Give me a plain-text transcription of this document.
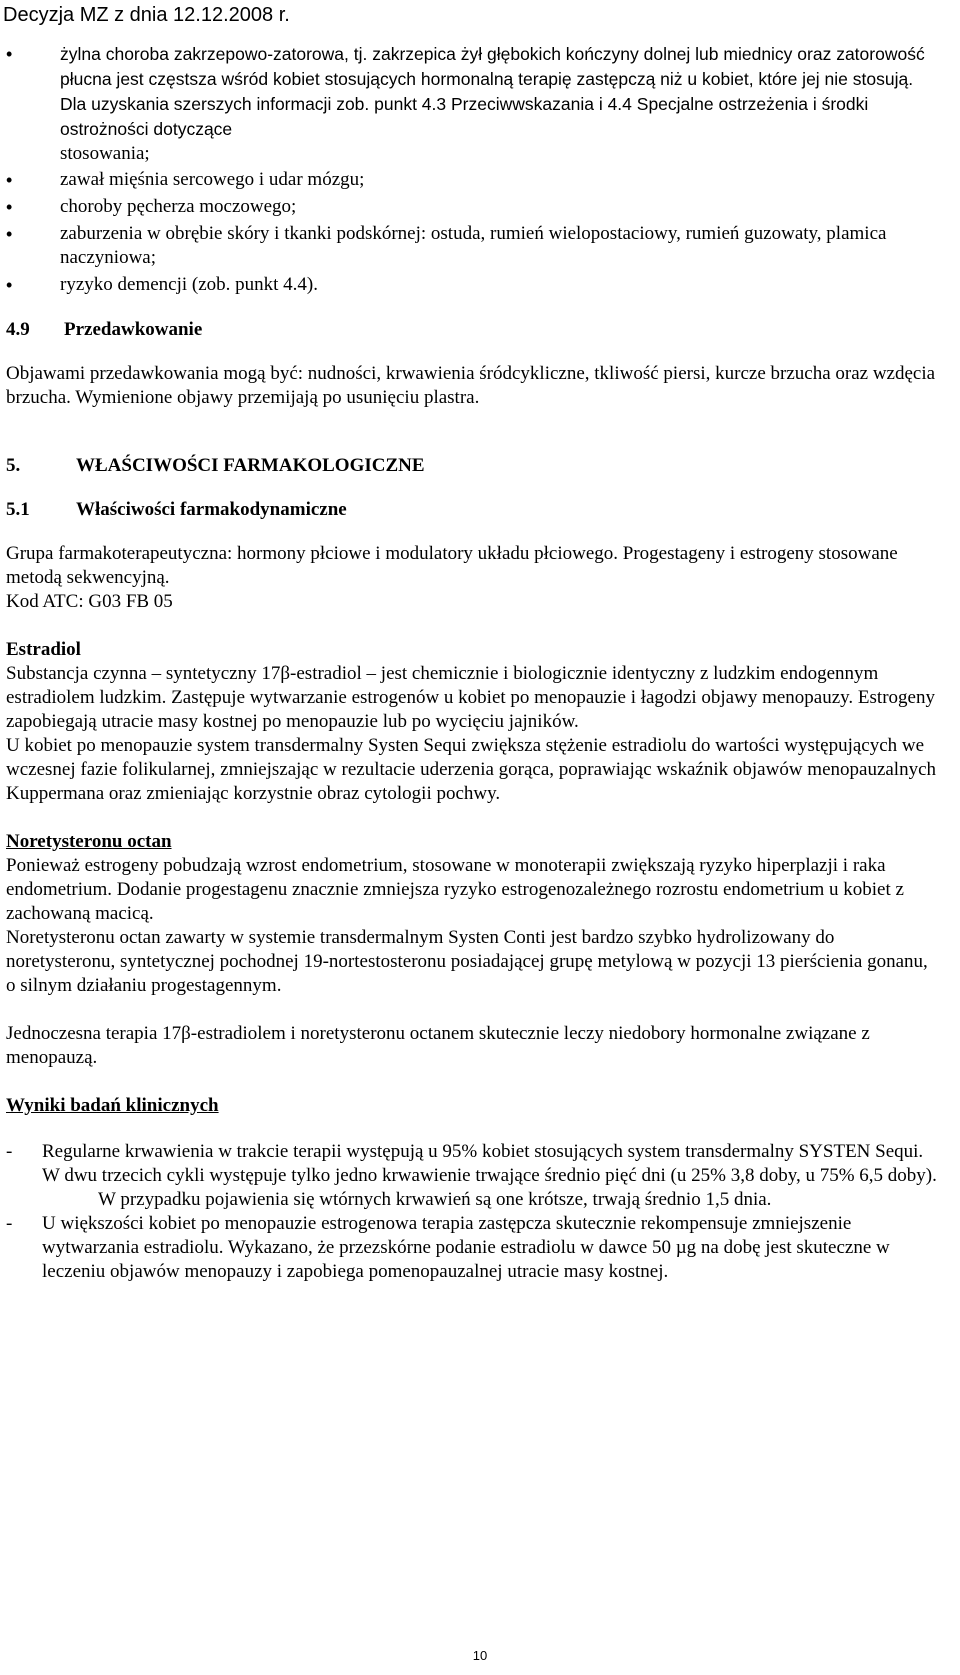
Decyzja MZ z dnia 12.12.2008 r.
• żylna choroba zakrzepowo-zatorowa, tj. zakrzepica żył głębokich kończyny dolnej lub miednicy oraz zatorowość płucna jest częstsza wśród kobiet stosujących hormonalną terapię zastępczą niż u kobiet, które jej nie stosują. Dla uzyskania szerszych informacji zob. punkt 4.3 Przeciwwskazania i 4.4 Specjalne ostrzeżenia i środki ostrożności dotyczące
stosowania;
• zawał mięśnia sercowego i udar mózgu;
• choroby pęcherza moczowego;
• zaburzenia w obrębie skóry i tkanki podskórnej: ostuda, rumień wielopostaciowy, rumień guzowaty, plamica naczyniowa;
• ryzyko demencji (zob. punkt 4.4).
4.9	Przedawkowanie

Objawami przedawkowania mogą być: nudności, krwawienia śródcykliczne, tkliwość piersi, kurcze brzucha oraz wzdęcia brzucha. Wymienione objawy przemijają po usunięciu plastra.

5.	WŁAŚCIWOŚCI FARMAKOLOGICZNE
5.1	Właściwości farmakodynamiczne

Grupa farmakoterapeutyczna: hormony płciowe i modulatory układu płciowego. Progestageny i estrogeny stosowane metodą sekwencyjną.

Kod ATC: G03 FB 05

Estradiol

Substancja czynna – syntetyczny 17β-estradiol – jest chemicznie i biologicznie identyczny z ludzkim endogennym estradiolem ludzkim. Zastępuje wytwarzanie estrogenów u kobiet po menopauzie i łagodzi objawy menopauzy. Estrogeny zapobiegają utracie masy kostnej po menopauzie lub po wycięciu jajników.

U kobiet po menopauzie system transdermalny Systen Sequi zwiększa stężenie estradiolu do wartości występujących we wczesnej fazie folikularnej, zmniejszając w rezultacie uderzenia gorąca, poprawiając wskaźnik objawów menopauzalnych Kuppermana oraz zmieniając korzystnie obraz cytologii pochwy.

Noretysteronu octan

Ponieważ estrogeny pobudzają wzrost endometrium, stosowane w monoterapii zwiększają ryzyko hiperplazji i raka endometrium. Dodanie progestagenu znacznie zmniejsza ryzyko estrogenozależnego rozrostu endometrium u kobiet z zachowaną macicą.

Noretysteronu octan zawarty w systemie transdermalnym Systen Conti jest bardzo szybko hydrolizowany do noretysteronu, syntetycznej pochodnej 19-nortestosteronu posiadającej grupę metylową w pozycji 13 pierścienia gonanu, o silnym działaniu progestagennym.

Jednoczesna terapia 17β-estradiolem i noretysteronu octanem skutecznie leczy niedobory hormonalne związane z menopauzą.

Wyniki badań klinicznych

- Regularne krwawienia w trakcie terapii występują u 95% kobiet stosujących system transdermalny SYSTEN Sequi. W dwu trzecich cykli występuje tylko jedno krwawienie trwające średnio pięć dni (u 25% 3,8 doby, u 75% 6,5 doby).
W przypadku pojawienia się wtórnych krwawień są one krótsze, trwają średnio 1,5 dnia.
- U większości kobiet po menopauzie estrogenowa terapia zastępcza skutecznie rekompensuje zmniejszenie wytwarzania estradiolu. Wykazano, że przezskórne podanie estradiolu w dawce 50 µg na dobę jest skuteczne w leczeniu objawów menopauzy i zapobiega pomenopauzalnej utracie masy kostnej.
10
